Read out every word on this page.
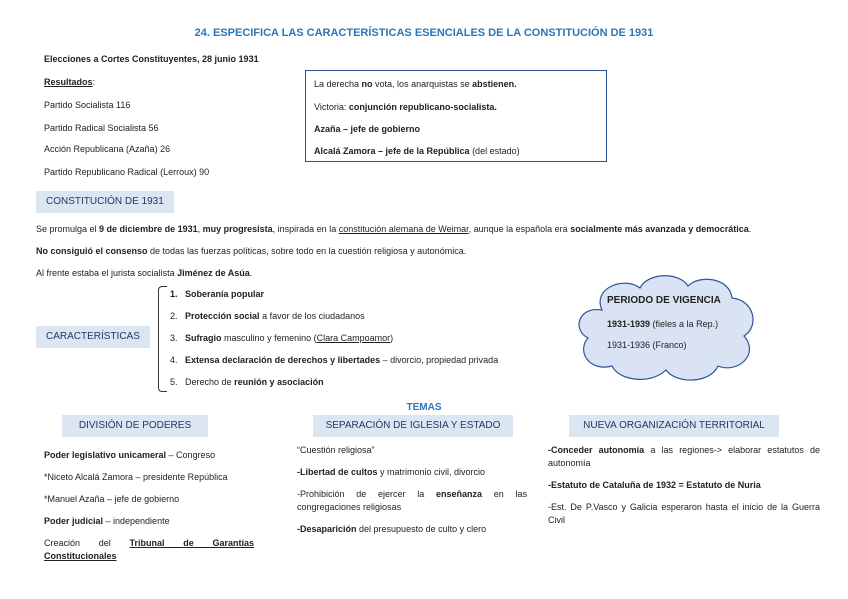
24. ESPECIFICA LAS CARACTERÍSTICAS ESENCIALES DE LA CONSTITUCIÓN DE 1931
Elecciones a Cortes Constituyentes, 28 junio 1931
Resultados:
Partido Socialista 116
Partido Radical Socialista 56
Acción Republicana (Azaña) 26
Partido Republicano Radical (Lerroux) 90
La derecha no vota, los anarquistas se abstienen.
Victoria: conjunción republicano-socialista.
Azaña – jefe de gobierno
Alcalá Zamora – jefe de la República (del estado)
CONSTITUCIÓN DE 1931
Se promulga el 9 de diciembre de 1931, muy progresista, inspirada en la constitución alemana de Weimar, aunque la española era socialmente más avanzada y democrática.
No consiguió el consenso de todas las fuerzas políticas, sobre todo en la cuestión religiosa y autonómica.
Al frente estaba el jurista socialista Jiménez de Asúa.
CARACTERÍSTICAS
1. Soberanía popular
2. Protección social a favor de los ciudadanos
3. Sufragio masculino y femenino (Clara Campoamor)
4. Extensa declaración de derechos y libertades – divorcio, propiedad privada
5. Derecho de reunión y asociación
PERIODO DE VIGENCIA
1931-1939 (fieles a la Rep.)
1931-1936 (Franco)
TEMAS
DIVISIÓN DE PODERES
Poder legislativo unicameral – Congreso
*Niceto Alcalá Zamora – presidente República
*Manuel Azaña – jefe de gobierno
Poder judicial – independiente
Creación del Tribunal de Garantías Constitucionales
SEPARACIÓN DE IGLESIA Y ESTADO
“Cuestión religiosa”
-Libertad de cultos y matrimonio civil, divorcio
-Prohibición de ejercer la enseñanza en las congregaciones religiosas
-Desaparición del presupuesto de culto y clero
NUEVA ORGANIZACIÓN TERRITORIAL
-Conceder autonomía a las regiones-> elaborar estatutos de autonomía
-Estatuto de Cataluña de 1932 = Estatuto de Nuria
-Est. De P.Vasco y Galicia esperaron hasta el inicio de la Guerra Civil
